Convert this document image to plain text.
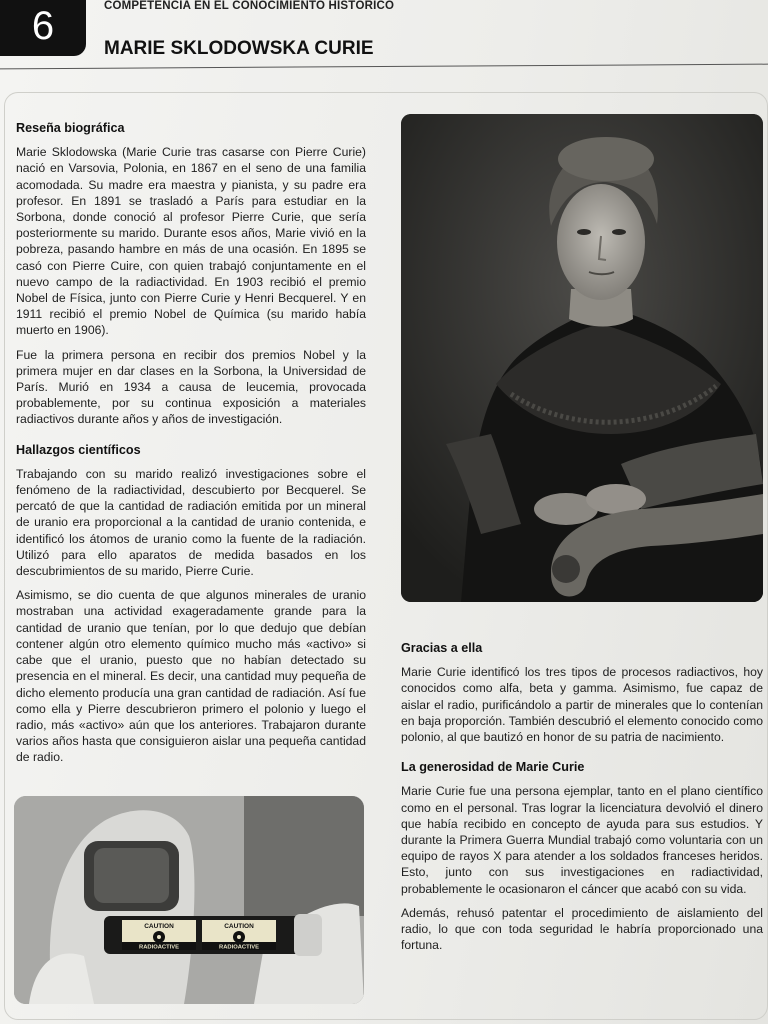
6	COMPETENCIA EN EL CONOCIMIENTO HISTÓRICO
MARIE SKLODOWSKA CURIE
Reseña biográfica

Marie Sklodowska (Marie Curie tras casarse con Pierre Curie) nació en Varsovia, Polonia, en 1867 en el seno de una familia acomodada. Su madre era maestra y pianista, y su padre era profesor. En 1891 se trasladó a París para estudiar en la Sorbona, donde conoció al profesor Pierre Curie, que sería posteriormente su marido. Durante esos años, Marie vivió en la pobreza, pasando hambre en más de una ocasión. En 1895 se casó con Pierre Cuire, con quien trabajó conjuntamente en el nuevo campo de la radiactividad. En 1903 recibió el premio Nobel de Física, junto con Pierre Curie y Henri Becquerel. Y en 1911 recibió el premio Nobel de Química (su marido había muerto en 1906).

Fue la primera persona en recibir dos premios Nobel y la primera mujer en dar clases en la Sorbona, la Universidad de París. Murió en 1934 a causa de leucemia, provocada probablemente, por su continua exposición a materiales radiactivos durante años y años de investigación.

Hallazgos científicos

Trabajando con su marido realizó investigaciones sobre el fenómeno de la radiactividad, descubierto por Becquerel. Se percató de que la cantidad de radiación emitida por un mineral de uranio era proporcional a la cantidad de uranio contenida, e identificó los átomos de uranio como la fuente de la radiación. Utilizó para ello aparatos de medida basados en los descubrimientos de su marido, Pierre Curie.

Asimismo, se dio cuenta de que algunos minerales de uranio mostraban una actividad exageradamente grande para la cantidad de uranio que tenían, por lo que dedujo que debían contener algún otro elemento químico mucho más «activo» si cabe que el uranio, puesto que no habían detectado su presencia en el mineral. Es decir, una cantidad muy pequeña de dicho elemento producía una gran cantidad de radiación. Así fue como ella y Pierre descubrieron primero el polonio y luego el radio, más «activo» aún que los anteriores. Trabajaron durante varios años hasta que consiguieron aislar una pequeña cantidad de radio.

Gracias a ella

Marie Curie identificó los tres tipos de procesos radiactivos, hoy conocidos como alfa, beta y gamma. Asimismo, fue capaz de aislar el radio, purificándolo a partir de minerales que lo contenían en baja proporción. También descubrió el elemento conocido como polonio, al que bautizó en honor de su patria de nacimiento.

La generosidad de Marie Curie

Marie Curie fue una persona ejemplar, tanto en el plano científico como en el personal. Tras lograr la licenciatura devolvió el dinero que había recibido en concepto de ayuda para sus estudios. Y durante la Primera Guerra Mundial trabajó como voluntaria con un equipo de rayos X para atender a los soldados franceses heridos. Esto, junto con sus investigaciones en radiactividad, probablemente le ocasionaron el cáncer que acabó con su vida.

Además, rehusó patentar el procedimiento de aislamiento del radio, lo que con toda seguridad le habría proporcionado una fortuna.

CAUTION	CAUTION
RADIOACTIVE	RADIOACTIVE
